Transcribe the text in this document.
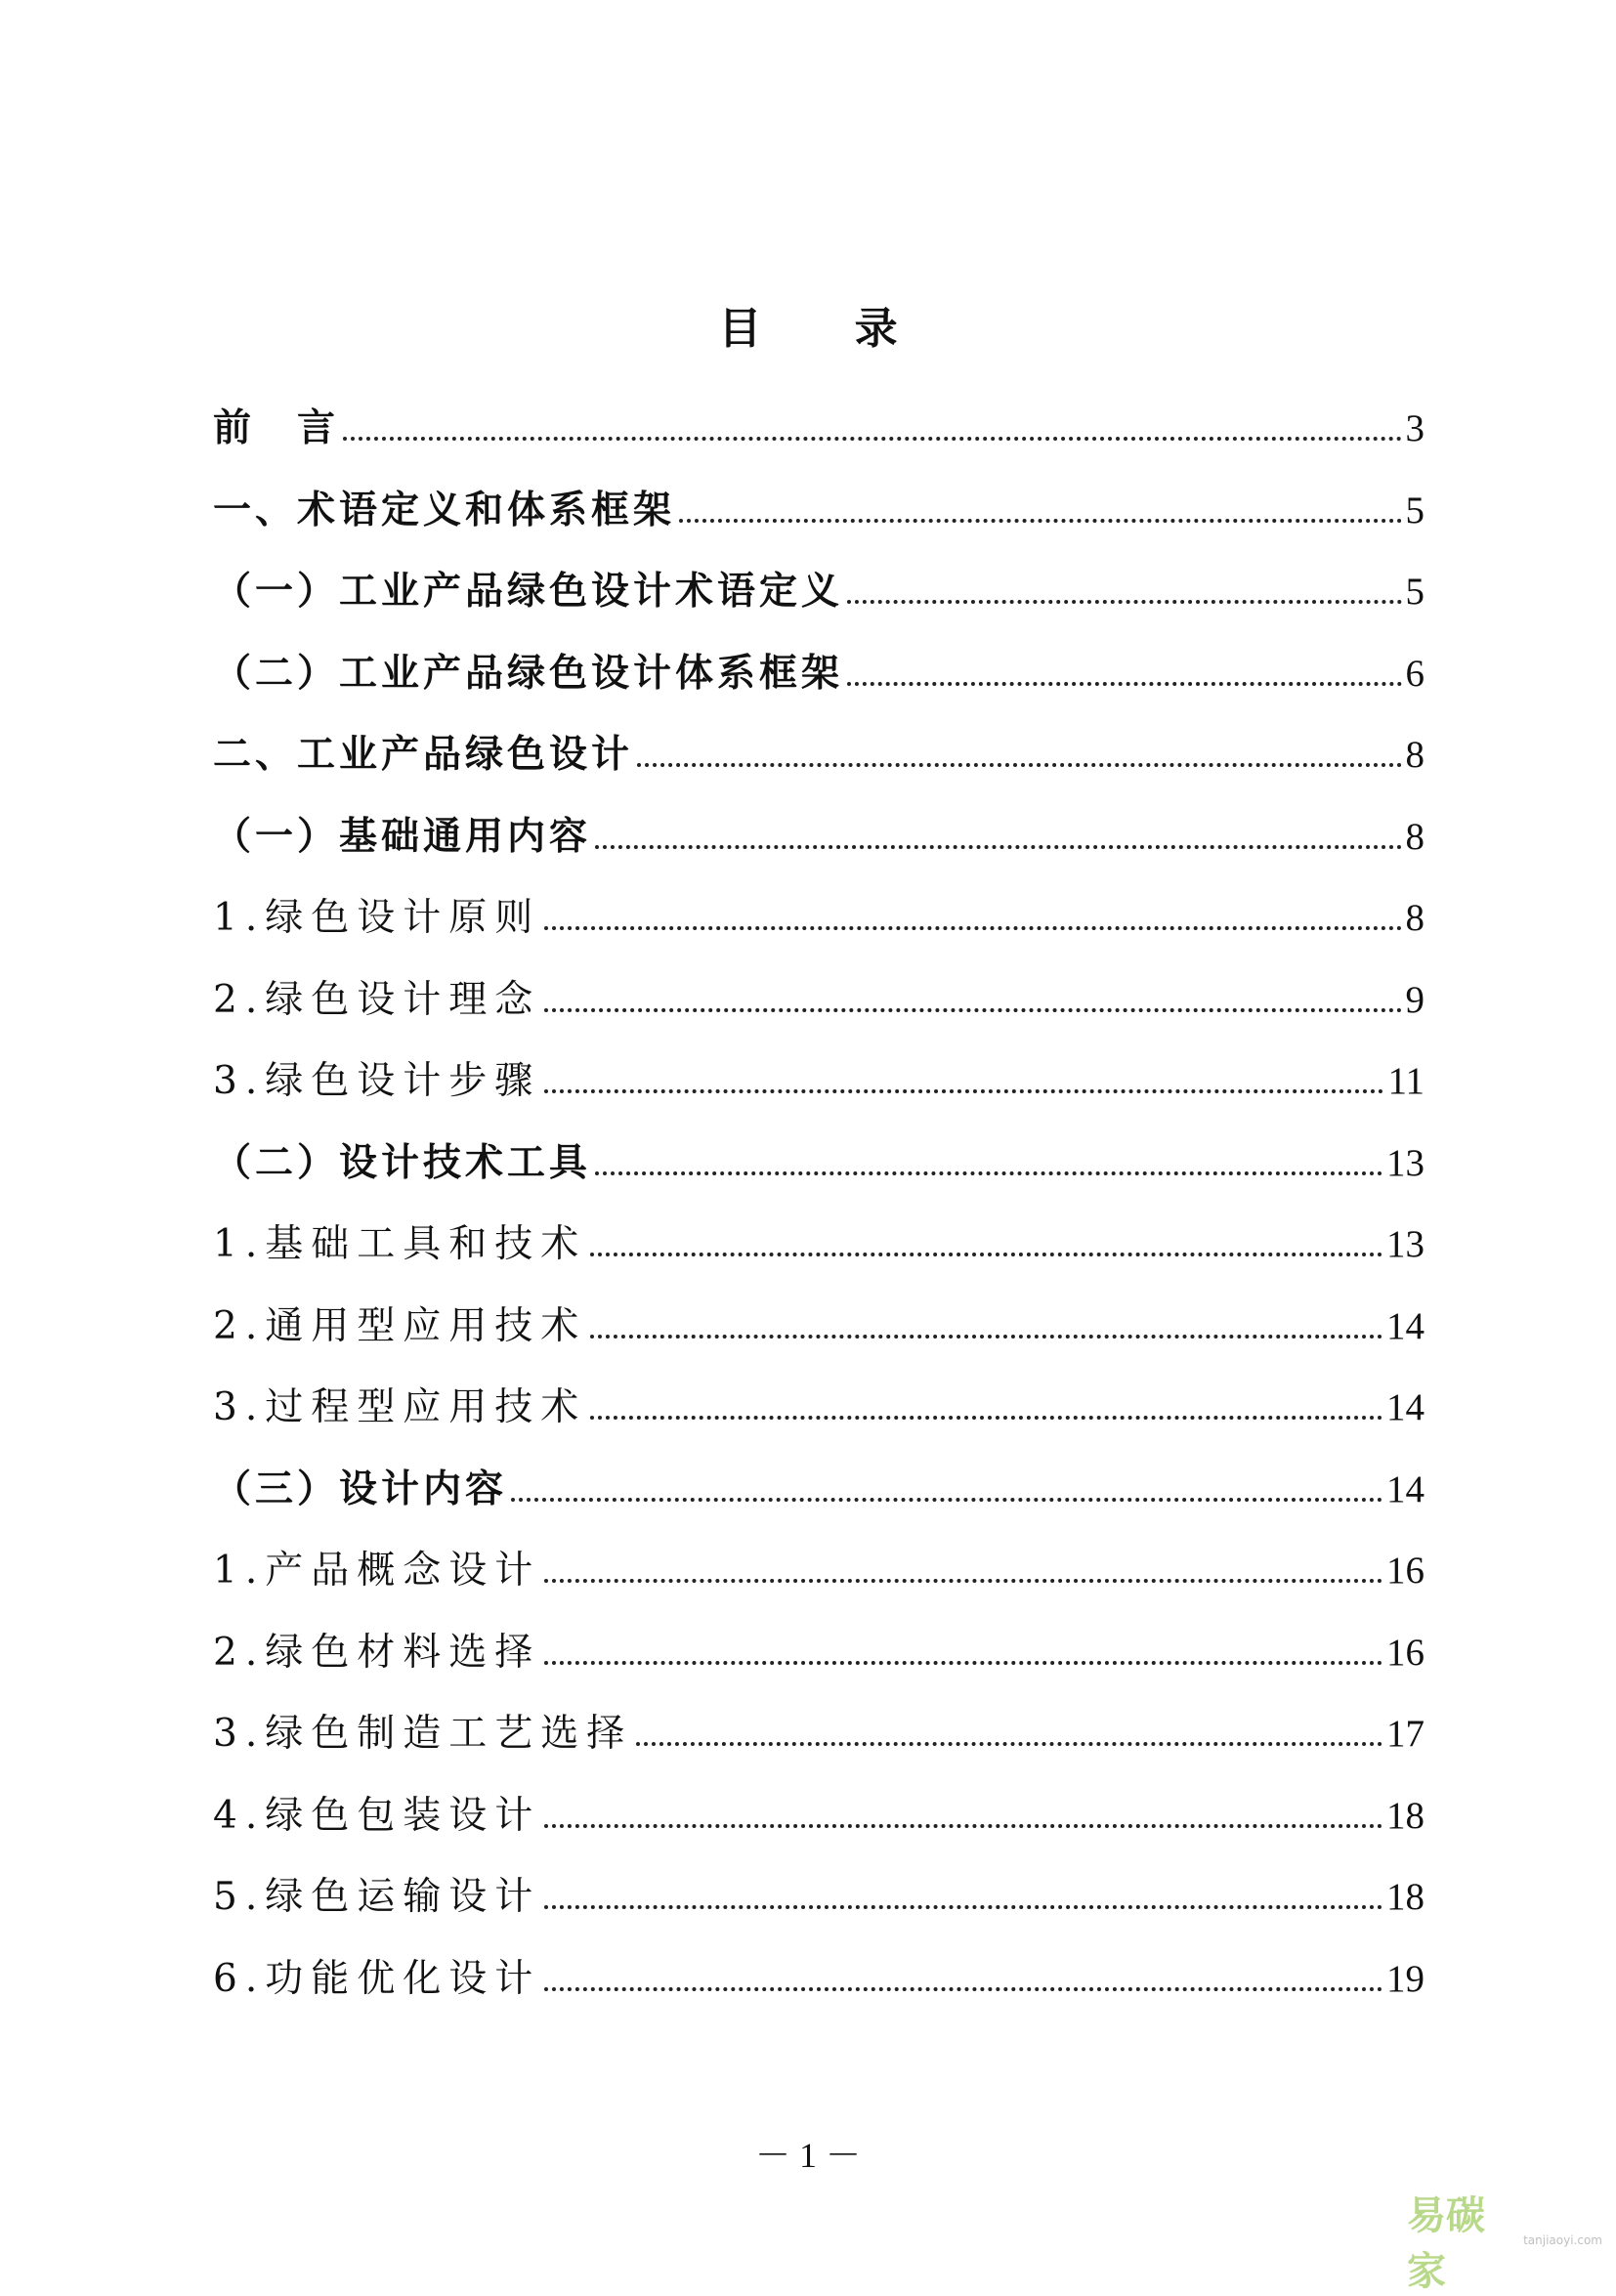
目 录
前　言	3
一、术语定义和体系框架	5
（一）工业产品绿色设计术语定义	5
（二）工业产品绿色设计体系框架	6
二、工业产品绿色设计	8
（一）基础通用内容	8
1.绿色设计原则	8
2.绿色设计理念	9
3.绿色设计步骤	11
（二）设计技术工具	13
1.基础工具和技术	13
2.通用型应用技术	14
3.过程型应用技术	14
（三）设计内容	14
1.产品概念设计	16
2.绿色材料选择	16
3.绿色制造工艺选择	17
4.绿色包装设计	18
5.绿色运输设计	18
6.功能优化设计	19
－ 1 －
易碳家
tanjiaoyi.com
